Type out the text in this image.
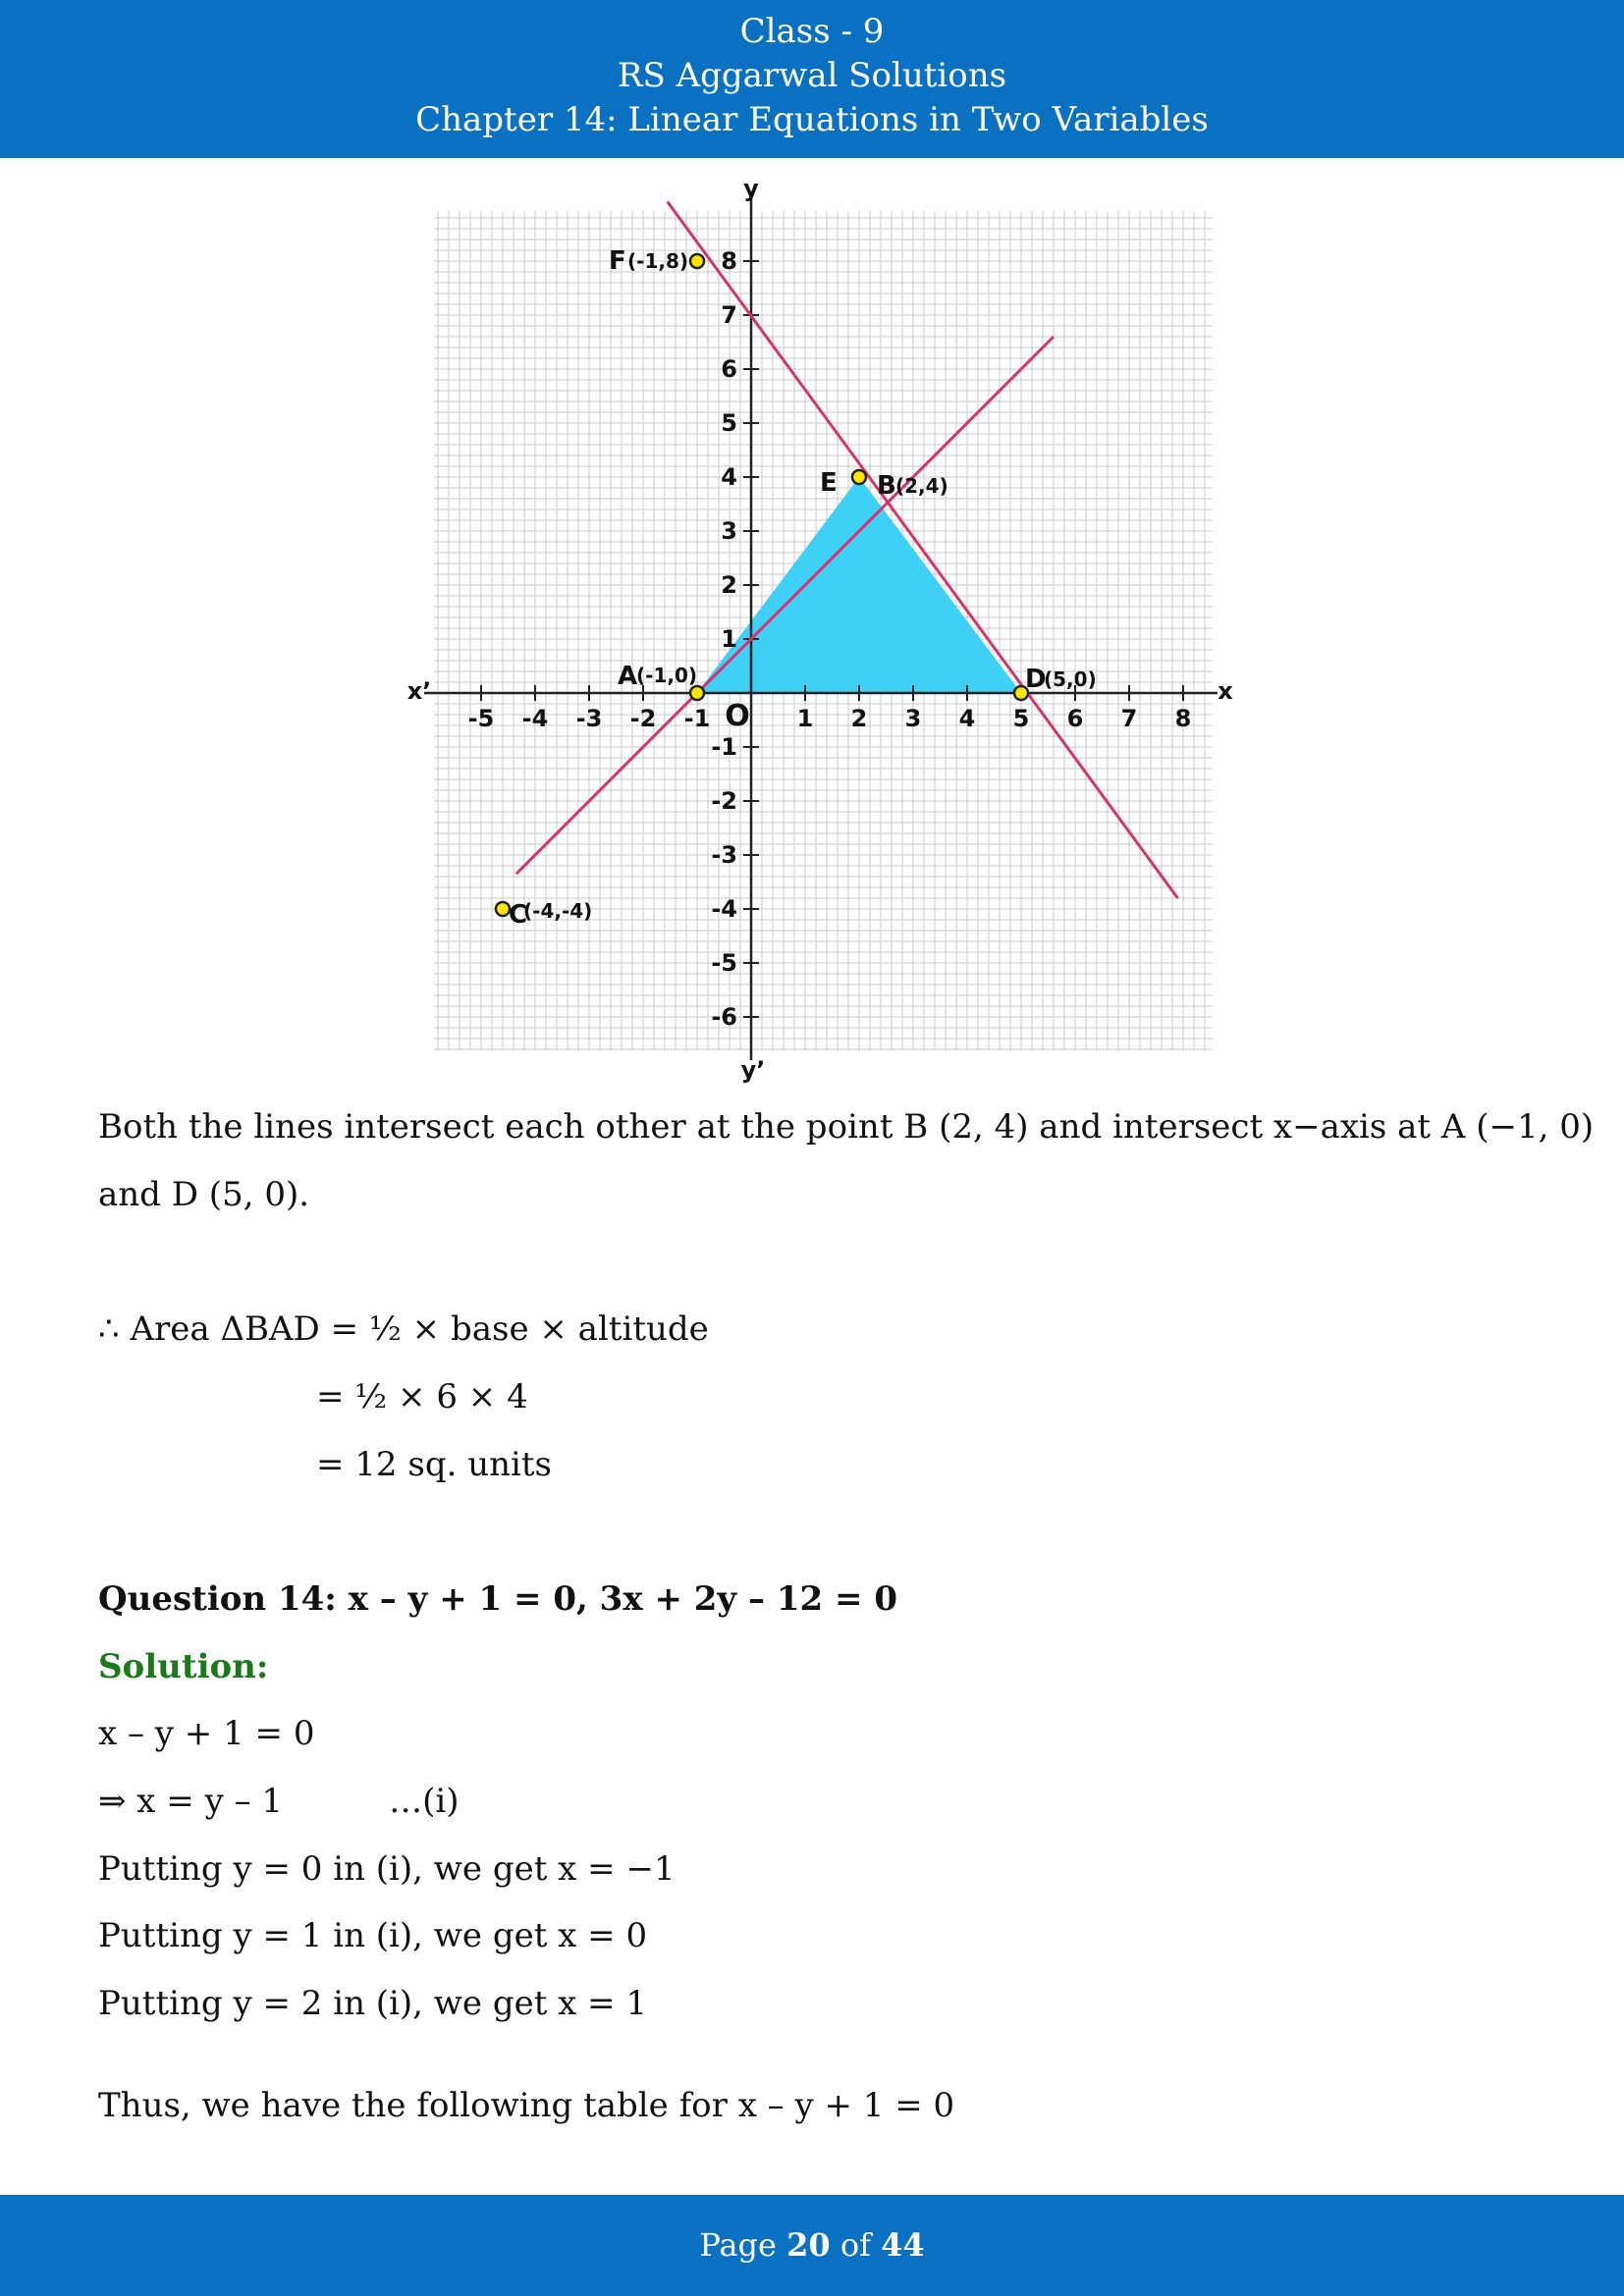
Class - 9
RS Aggarwal Solutions
Chapter 14: Linear Equations in Two Variables
-5 -4 -3 -2 -1	1 2 3 4 5 6 7 8
8
7
6
5
4
3
2
1
-1
-2
-3
-4
-5
-6
y
y’
x
x’
O
F (-1,8)
E B (2,4)
A
(-1,0)	D
(5,0)
C
(-4,-4)
Both the lines intersect each other at the point B (2, 4) and intersect x−axis at A (−1, 0)
and D (5, 0).
∴ Area ΔBAD = ½ × base × altitude
= ½ × 6 × 4
= 12 sq. units
Question 14: x – y + 1 = 0, 3x + 2y – 12 = 0
Solution:
x – y + 1 = 0
⇒ x = y – 1          …(i)
Putting y = 0 in (i), we get x = −1
Putting y = 1 in (i), we get x = 0
Putting y = 2 in (i), we get x = 1
Thus, we have the following table for x – y + 1 = 0
Page 20 of 44
